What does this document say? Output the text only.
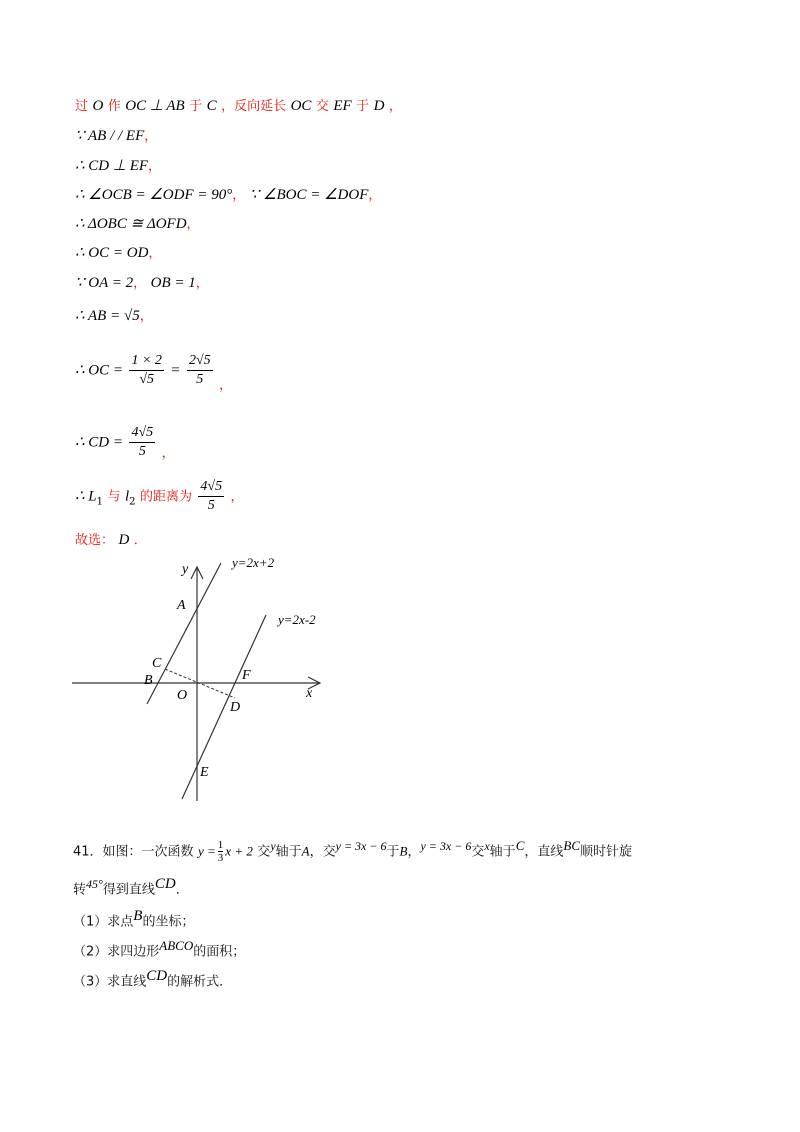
过 O 作 OC ⊥ AB 于 C ，反向延长 OC 交 EF 于 D ，
∵ AB / / EF，
∴ CD ⊥ EF，
∴ ∠OCB = ∠ODF = 90°， ∵ ∠BOC = ∠DOF，
∴ ΔOBC ≅ ΔOFD，
∴ OC = OD，
∵ OA = 2， OB = 1，
∴ AB = √5，
∴ OC = $\frac{1 \times 2}{√5} = \frac{2√5}{5}$ ，
∴ CD = $\frac{4√5}{5}$ ，
∴ $L_1$ 与 $l_2$ 的距离为 $\frac{4√5}{5}$ ，
故选： D ．
y=2x+2
y=2x-2
y
x
A
C
B
O
F
D
E
41．如图：一次函数 $y = \frac{1}{3}$ x + 2 交y轴于A，交y = 3x − 6于B，y = 3x − 6交x轴于C，直线BC顺时针旋
转45°得到直线CD．
（1）求点B的坐标；
（2）求四边形ABCO的面积；
（3）求直线CD的解析式．
